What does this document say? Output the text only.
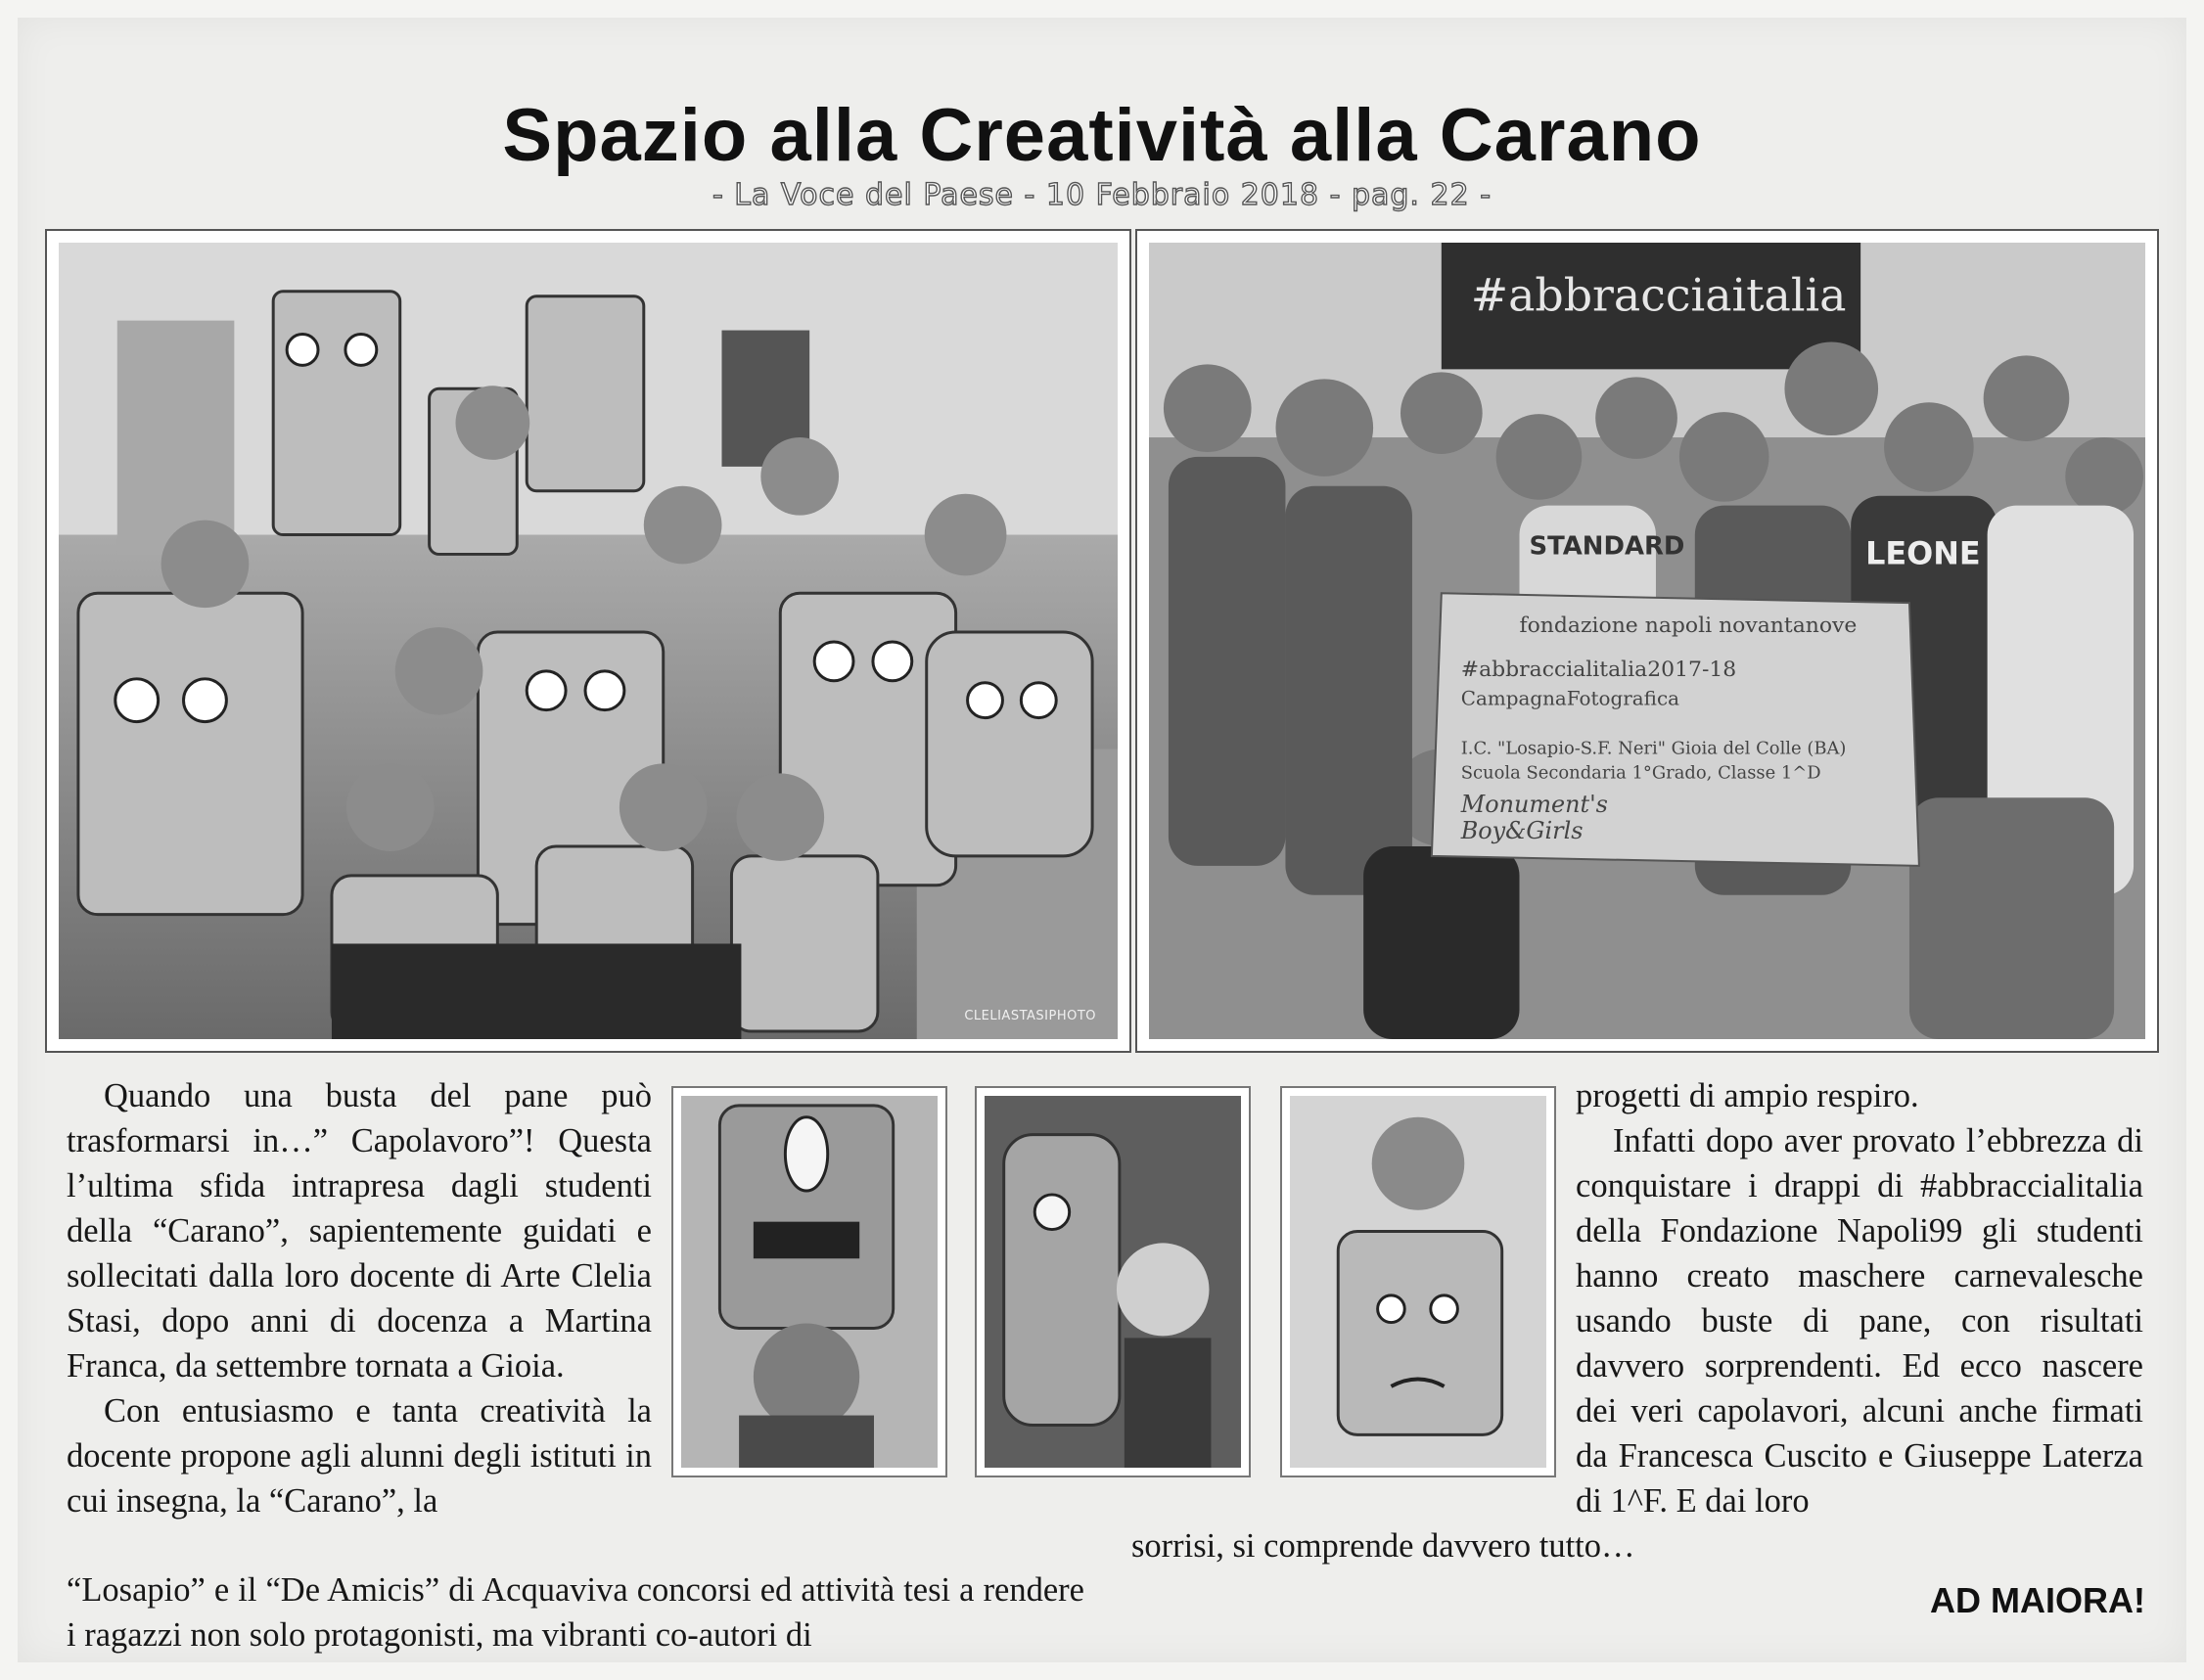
Spazio alla Creatività alla Carano
- La Voce del Paese - 10 Febbraio 2018 - pag. 22 -
CLELIASTASIPHOTO
#abbracciaitalia
STANDARD	LEONE
fondazione napoli novantanove
#abbraccialitalia2017-18
CampagnaFotografica
I.C. "Losapio-S.F. Neri" Gioia del Colle (BA)
Scuola Secondaria 1°Grado, Classe 1^D
Monument's
Boy&Girls

Quando una busta del pane può trasformarsi in…” Capolavoro”! Questa l’ultima sfida intrapresa dagli studenti della “Carano”, sapientemente guidati e sollecitati dalla loro docente di Arte Clelia Stasi, dopo anni di docenza a Martina Franca, da settembre tornata a Gioia.

Con entusiasmo e tanta creatività la docente propone agli alunni degli istituti in cui insegna, la “Carano”, la

“Losapio” e il “De Amicis” di Acquaviva concorsi ed attività tesi a rendere i ragazzi non solo protagonisti, ma vibranti co-autori di

progetti di ampio respiro.

Infatti dopo aver provato l’ebbrezza di conquistare i drappi di #abbraccialitalia della Fondazione Napoli99 gli studenti hanno creato maschere carnevalesche usando buste di pane, con risultati davvero sorprendenti. Ed ecco nascere dei veri capolavori, alcuni anche firmati da Francesca Cuscito e Giuseppe Laterza di 1^F. E dai loro

sorrisi, si comprende davvero tutto…

AD MAIORA!
